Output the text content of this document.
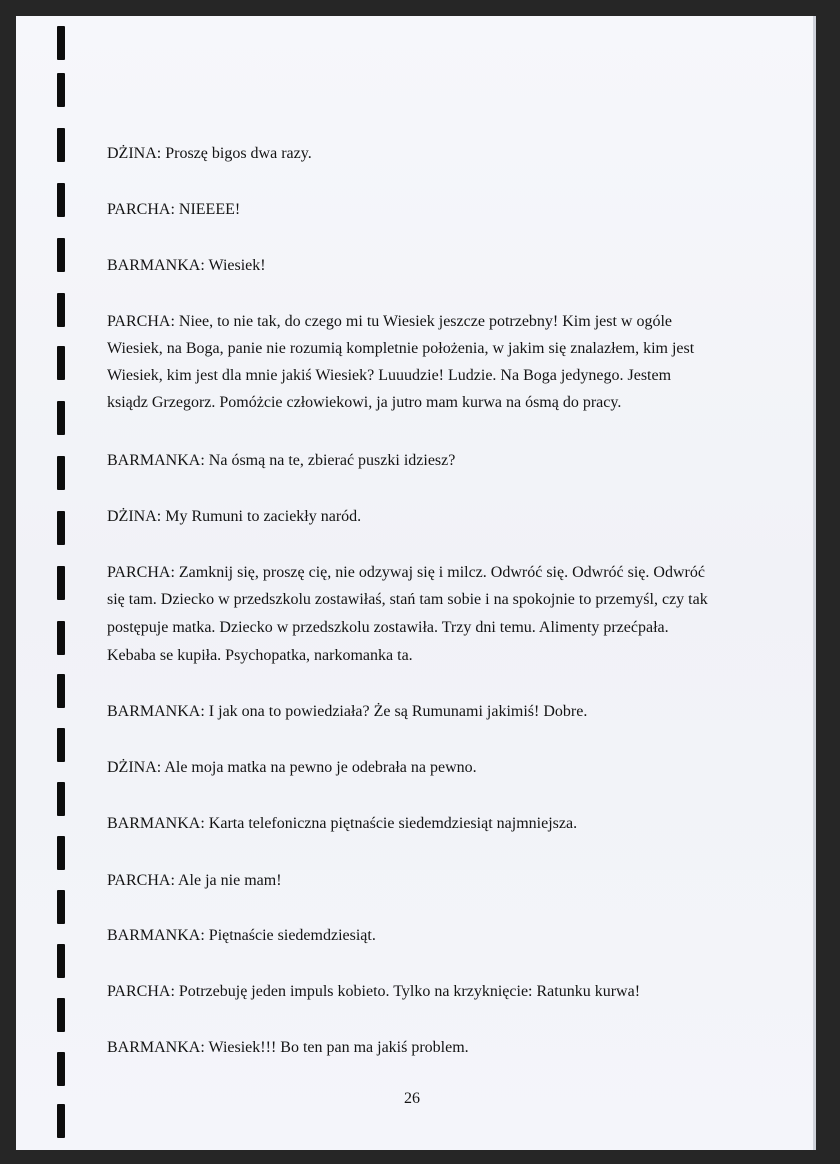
DŻINA: Proszę bigos dwa razy.
PARCHA: NIEEEE!
BARMANKA: Wiesiek!
PARCHA: Niee, to nie tak, do czego mi tu Wiesiek jeszcze potrzebny! Kim jest w ogóle
Wiesiek, na Boga, panie nie rozumią kompletnie położenia, w jakim się znalazłem, kim jest
Wiesiek, kim jest dla mnie jakiś Wiesiek? Luuudzie! Ludzie. Na Boga jedynego. Jestem
ksiądz Grzegorz. Pomóżcie człowiekowi, ja jutro mam kurwa na ósmą do pracy.
BARMANKA: Na ósmą na te, zbierać puszki idziesz?
DŻINA: My Rumuni to zaciekły naród.
PARCHA: Zamknij się, proszę cię, nie odzywaj się i milcz. Odwróć się. Odwróć się. Odwróć
się tam. Dziecko w przedszkolu zostawiłaś, stań tam sobie i na spokojnie to przemyśl, czy tak
postępuje matka. Dziecko w przedszkolu zostawiła. Trzy dni temu. Alimenty przećpała.
Kebaba se kupiła. Psychopatka, narkomanka ta.
BARMANKA: I jak ona to powiedziała? Że są Rumunami jakimiś! Dobre.
DŻINA: Ale moja matka na pewno je odebrała na pewno.
BARMANKA: Karta telefoniczna piętnaście siedemdziesiąt najmniejsza.
PARCHA: Ale ja nie mam!
BARMANKA: Piętnaście siedemdziesiąt.
PARCHA: Potrzebuję jeden impuls kobieto. Tylko na krzyknięcie: Ratunku kurwa!
BARMANKA: Wiesiek!!! Bo ten pan ma jakiś problem.
26
